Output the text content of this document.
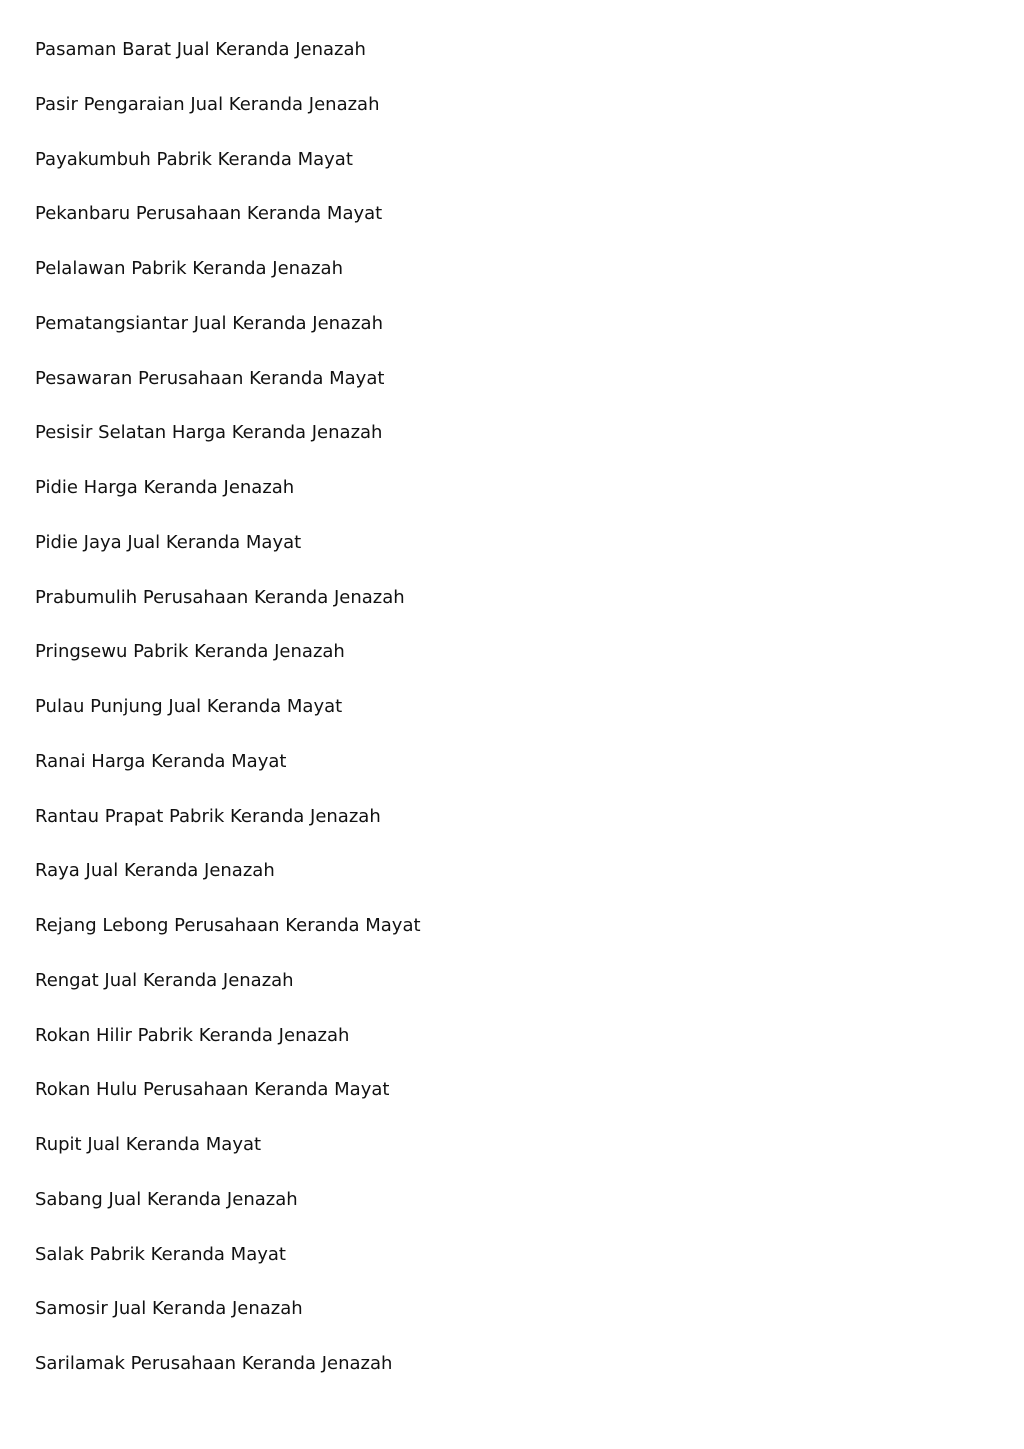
Pasaman Barat Jual Keranda Jenazah
Pasir Pengaraian Jual Keranda Jenazah
Payakumbuh Pabrik Keranda Mayat
Pekanbaru Perusahaan Keranda Mayat
Pelalawan Pabrik Keranda Jenazah
Pematangsiantar Jual Keranda Jenazah
Pesawaran Perusahaan Keranda Mayat
Pesisir Selatan Harga Keranda Jenazah
Pidie Harga Keranda Jenazah
Pidie Jaya Jual Keranda Mayat
Prabumulih Perusahaan Keranda Jenazah
Pringsewu Pabrik Keranda Jenazah
Pulau Punjung Jual Keranda Mayat
Ranai Harga Keranda Mayat
Rantau Prapat Pabrik Keranda Jenazah
Raya Jual Keranda Jenazah
Rejang Lebong Perusahaan Keranda Mayat
Rengat Jual Keranda Jenazah
Rokan Hilir Pabrik Keranda Jenazah
Rokan Hulu Perusahaan Keranda Mayat
Rupit Jual Keranda Mayat
Sabang Jual Keranda Jenazah
Salak Pabrik Keranda Mayat
Samosir Jual Keranda Jenazah
Sarilamak Perusahaan Keranda Jenazah
